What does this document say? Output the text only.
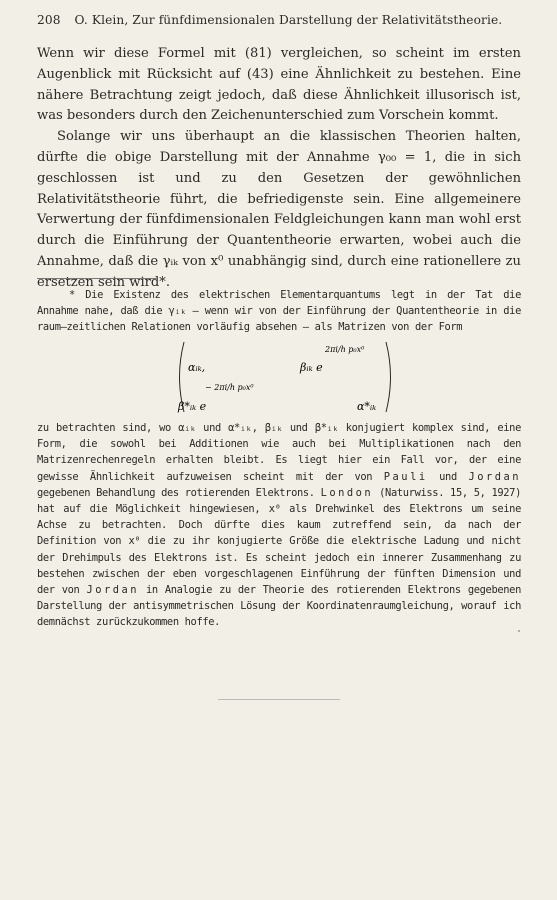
208 O. Klein, Zur fünfdimensionalen Darstellung der Relativitätstheorie.

Wenn wir diese Formel mit (81) vergleichen, so scheint im ersten Augenblick mit Rücksicht auf (43) eine Ähnlichkeit zu bestehen. Eine nähere Betrachtung zeigt jedoch, daß diese Ähnlichkeit illusorisch ist, was besonders durch den Zeichenunterschied zum Vorschein kommt.

Solange wir uns überhaupt an die klassischen Theorien halten, dürfte die obige Darstellung mit der Annahme γ₀₀ = 1, die in sich geschlossen ist und zu den Gesetzen der gewöhnlichen Relativitätstheorie führt, die befriedigenste sein. Eine allgemeinere Verwertung der fünfdimensionalen Feldgleichungen kann man wohl erst durch die Einführung der Quantentheorie erwarten, wobei auch die Annahme, daß die γᵢₖ von x⁰ unabhängig sind, durch eine rationellere zu ersetzen sein wird*.

* Die Existenz des elektrischen Elementarquantums legt in der Tat die Annahme nahe, daß die γᵢₖ — wenn wir von der Einführung der Quantentheorie in die raum—zeitlichen Relationen vorläufig absehen — als Matrizen von der Form

αᵢₖ,	βᵢₖ e
2πi/h p₀x⁰
β*ᵢₖ e
− 2πi/h p₀x⁰
α*ᵢₖ

zu betrachten sind, wo αᵢₖ und α*ᵢₖ, βᵢₖ und β*ᵢₖ konjugiert komplex sind, eine Form, die sowohl bei Additionen wie auch bei Multiplikationen nach den Matrizenrechenregeln erhalten bleibt. Es liegt hier ein Fall vor, der eine gewisse Ähnlichkeit aufzuweisen scheint mit der von Pauli und Jordan gegebenen Behandlung des rotierenden Elektrons. London (Naturwiss. 15, 5, 1927) hat auf die Möglichkeit hingewiesen, x⁰ als Drehwinkel des Elektrons um seine Achse zu betrachten. Doch dürfte dies kaum zutreffend sein, da nach der Definition von x⁰ die zu ihr konjugierte Größe die elektrische Ladung und nicht der Drehimpuls des Elektrons ist. Es scheint jedoch ein innerer Zusammenhang zu bestehen zwischen der eben vorgeschlagenen Einführung der fünften Dimension und der von Jordan in Analogie zu der Theorie des rotierenden Elektrons gegebenen Darstellung der antisymmetrischen Lösung der Koordinatenraumgleichung, worauf ich demnächst zurückzukommen hoffe.
